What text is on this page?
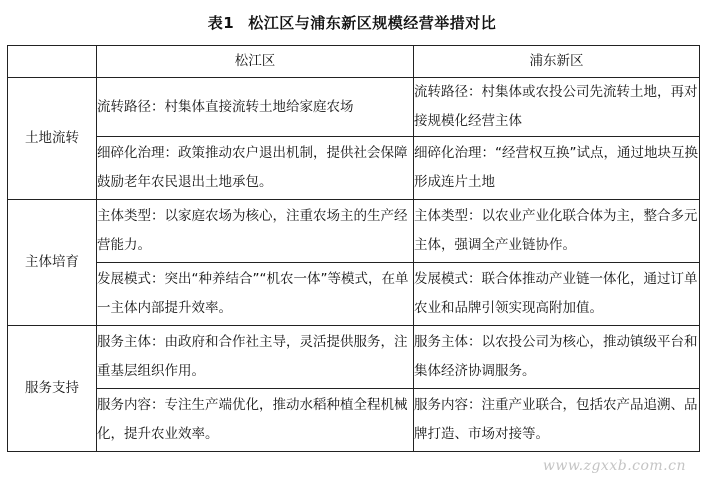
表1 松江区与浦东新区规模经营举措对比
	松江区	浦东新区
土地流转	流转路径：村集体直接流转土地给家庭农场	流转路径：村集体或农投公司先流转土地，再对接规模化经营主体
	细碎化治理：政策推动农户退出机制，提供社会保障鼓励老年农民退出土地承包。	细碎化治理：“经营权互换”试点，通过地块互换形成连片土地
主体培育	主体类型：以家庭农场为核心，注重农场主的生产经营能力。	主体类型：以农业产业化联合体为主，整合多元主体，强调全产业链协作。
	发展模式：突出“种养结合”“机农一体”等模式，在单一主体内部提升效率。	发展模式：联合体推动产业链一体化，通过订单农业和品牌引领实现高附加值。
服务支持	服务主体：由政府和合作社主导，灵活提供服务，注重基层组织作用。	服务主体：以农投公司为核心，推动镇级平台和集体经济协调服务。
	服务内容：专注生产端优化，推动水稻种植全程机械化，提升农业效率。	服务内容：注重产业联合，包括农产品追溯、品牌打造、市场对接等。
www.zgxxb.com.cn
